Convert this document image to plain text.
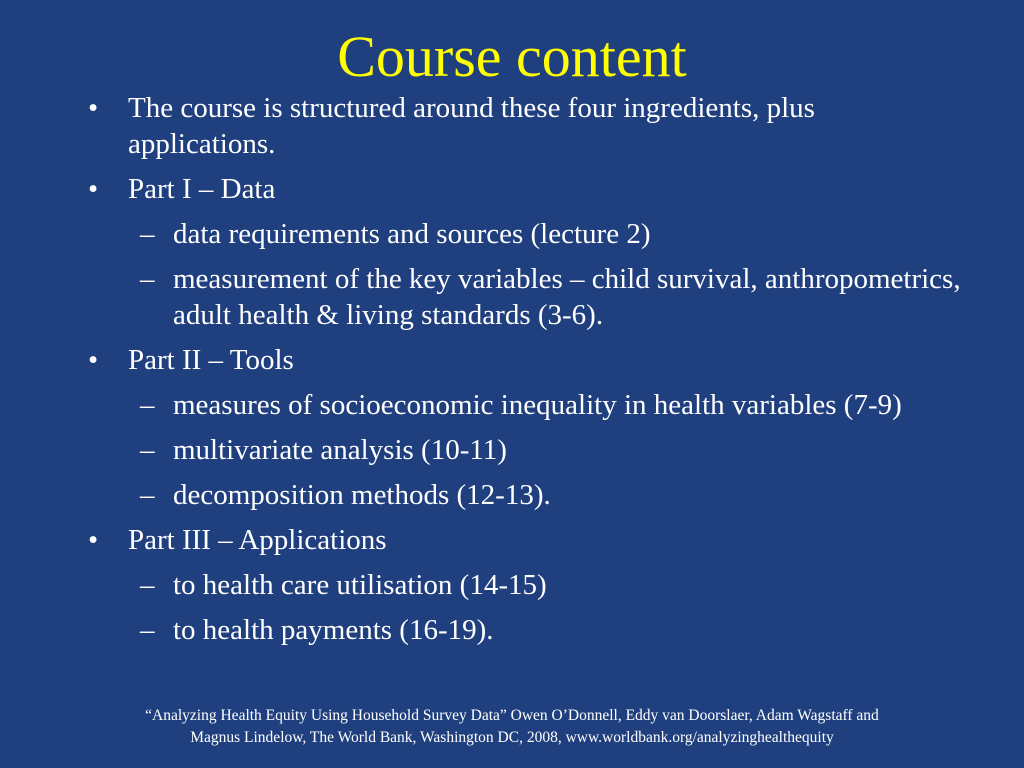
Course content
•	The course is structured around these four ingredients, plus applications.
•	Part I – Data
– data requirements and sources (lecture 2)
– measurement of the key variables – child survival, anthropometrics, adult health & living standards (3-6).
•	Part II – Tools
– measures of socioeconomic inequality in health variables (7-9)
– multivariate analysis (10-11)
– decomposition methods (12-13).
•	Part III – Applications
– to health care utilisation (14-15)
– to health payments (16-19).
“Analyzing Health Equity Using Household Survey Data” Owen O’Donnell, Eddy van Doorslaer, Adam Wagstaff and
Magnus Lindelow, The World Bank, Washington DC, 2008, www.worldbank.org/analyzinghealthequity
